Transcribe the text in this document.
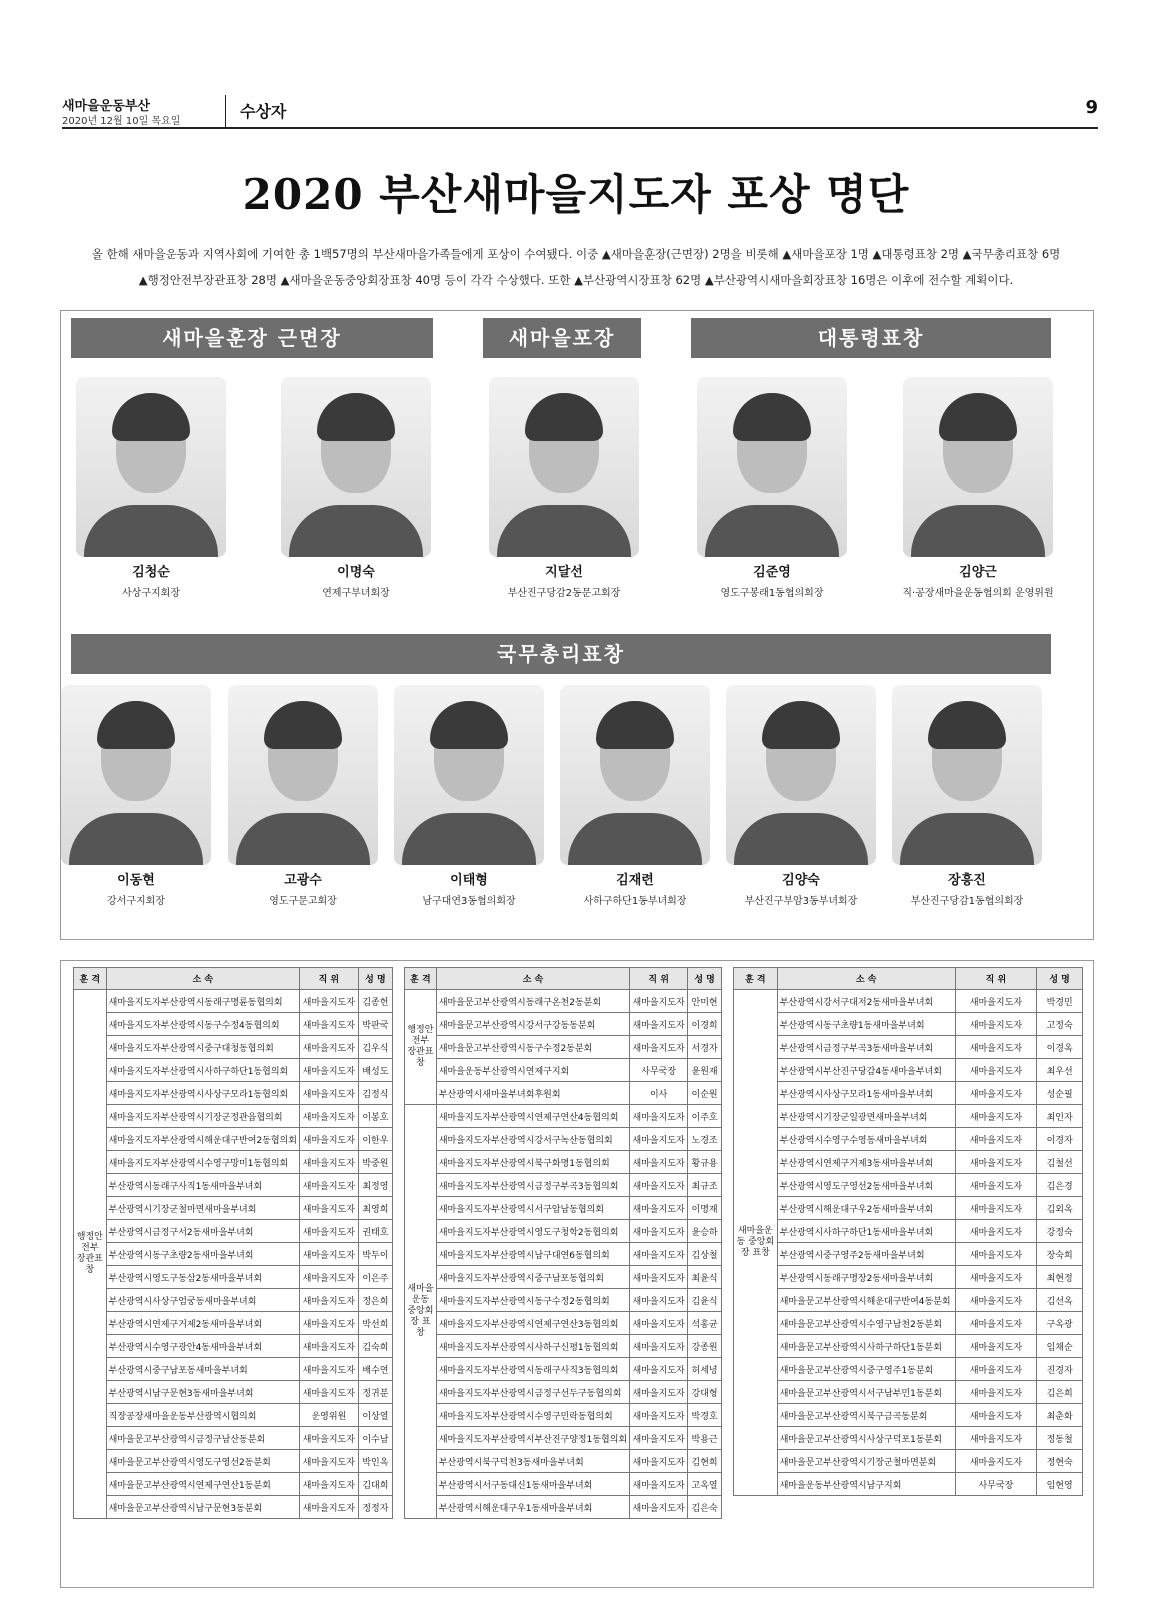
새마을운동부산
2020년 12월 10일 목요일
수상자	9
2020 부산새마을지도자 포상 명단
올 한해 새마을운동과 지역사회에 기여한 총 1백57명의 부산새마을가족들에게 포상이 수여됐다. 이중 ▲새마을훈장(근면장) 2명을 비롯해 ▲새마을포장 1명 ▲대통령표창 2명 ▲국무총리표창 6명
▲행정안전부장관표창 28명 ▲새마을운동중앙회장표창 40명 등이 각각 수상했다. 또한 ▲부산광역시장표창 62명 ▲부산광역시새마을회장표창 16명은 이후에 전수할 계획이다.
새마을훈장 근면장	새마을포장	대통령표창
김청순
사상구지회장
이명숙
연제구부녀회장
지달선
부산진구당감2동문고회장
김준영
영도구봉래1동협의회장
김양근
직·공장새마을운동협의회 운영위원
국무총리표창
이동현
강서구지회장
고광수
영도구문고회장
이태형
남구대연3동협의회장
김재련
사하구하단1동부녀회장
김양숙
부산진구부암3동부녀회장
장흥진
부산진구당감1동협의회장
훈 격	소 속	직 위	성 명
행정안전부 장관표창	새마을지도자부산광역시동래구명륜동협의회	새마을지도자	김종헌
	새마을지도자부산광역시동구수정4동협의회	새마을지도자	박판국
	새마을지도자부산광역시중구대청동협의회	새마을지도자	김우식
	새마을지도자부산광역시사하구하단1동협의회	새마을지도자	배성도
	새마을지도자부산광역시사상구모라1동협의회	새마을지도자	김정식
	새마을지도자부산광역시기장군정관읍협의회	새마을지도자	이봉호
	새마을지도자부산광역시해운대구반여2동협의회	새마을지도자	이한우
	새마을지도자부산광역시수영구망미1동협의회	새마을지도자	박중원
	부산광역시동래구사직1동새마을부녀회	새마을지도자	최정영
	부산광역시기장군철마면새마을부녀회	새마을지도자	최영희
	부산광역시금정구서2동새마을부녀회	새마을지도자	권태호
	부산광역시동구초량2동새마을부녀회	새마을지도자	박두이
	부산광역시영도구동삼2동새마을부녀회	새마을지도자	이은주
	부산광역시사상구엄궁동새마을부녀회	새마을지도자	정은희
	부산광역시연제구거제2동새마을부녀회	새마을지도자	박선희
	부산광역시수영구광안4동새마을부녀회	새마을지도자	김숙희
	부산광역시중구남포동새마을부녀회	새마을지도자	배수연
	부산광역시남구문현3동새마을부녀회	새마을지도자	정귀분
	직장공장새마을운동부산광역시협의회	운영위원	이상열
	새마을문고부산광역시금정구남산동분회	새마을지도자	이수남
	새마을문고부산광역시영도구영선2동분회	새마을지도자	박인옥
	새마을문고부산광역시연제구연산1동분회	새마을지도자	김대희
	새마을문고부산광역시남구문현3동분회	새마을지도자	정정자
훈 격	소 속	직 위	성 명
행정안전부 장관표창	새마을문고부산광역시동래구온천2동분회	새마을지도자	안미현
	새마을문고부산광역시강서구강동동분회	새마을지도자	이경희
	새마을문고부산광역시동구수정2동분회	새마을지도자	서경자
	새마을운동부산광역시연제구지회	사무국장	윤원재
	부산광역시새마을부녀회후원회	이사	이순원
새마을운동 중앙회장 표창	새마을지도자부산광역시연제구연산4동협의회	새마을지도자	이주호
	새마을지도자부산광역시강서구녹산동협의회	새마을지도자	노경조
	새마을지도자부산광역시북구화명1동협의회	새마을지도자	황규용
	새마을지도자부산광역시금정구부곡3동협의회	새마을지도자	최규조
	새마을지도자부산광역시서구암남동협의회	새마을지도자	이명재
	새마을지도자부산광역시영도구청학2동협의회	새마을지도자	윤승하
	새마을지도자부산광역시남구대연6동협의회	새마을지도자	김상철
	새마을지도자부산광역시중구남포동협의회	새마을지도자	최윤식
	새마을지도자부산광역시동구수정2동협의회	새마을지도자	김윤식
	새마을지도자부산광역시연제구연산3동협의회	새마을지도자	석홍균
	새마을지도자부산광역시사하구신평1동협의회	새마을지도자	강종원
	새마을지도자부산광역시동래구사직3동협의회	새마을지도자	허세녕
	새마을지도자부산광역시금정구선두구동협의회	새마을지도자	강대형
	새마을지도자부산광역시수영구민락동협의회	새마을지도자	박경호
	새마을지도자부산광역시부산진구양정1동협의회	새마을지도자	박용근
	부산광역시북구덕천3동새마을부녀회	새마을지도자	김현희
	부산광역시서구동대신1동새마을부녀회	새마을지도자	고옥열
	부산광역시해운대구우1동새마을부녀회	새마을지도자	김은숙
훈 격	소 속	직 위	성 명
새마을운동 중앙회장 표창	부산광역시강서구대저2동새마을부녀회	새마을지도자	박경민
	부산광역시동구초량1동새마을부녀회	새마을지도자	고정숙
	부산광역시금정구부곡3동새마을부녀회	새마을지도자	이경옥
	부산광역시부산진구당감4동새마을부녀회	새마을지도자	최우선
	부산광역시사상구모라1동새마을부녀회	새마을지도자	성순필
	부산광역시기장군일광면새마을부녀회	새마을지도자	최인자
	부산광역시수영구수영동새마을부녀회	새마을지도자	이경자
	부산광역시연제구거제3동새마을부녀회	새마을지도자	김철선
	부산광역시영도구영선2동새마을부녀회	새마을지도자	김은경
	부산광역시해운대구우2동새마을부녀회	새마을지도자	김외옥
	부산광역시사하구하단1동새마을부녀회	새마을지도자	강정숙
	부산광역시중구영주2동새마을부녀회	새마을지도자	장숙희
	부산광역시동래구명장2동새마을부녀회	새마을지도자	최현정
	새마을문고부산광역시해운대구반여4동분회	새마을지도자	김선옥
	새마을문고부산광역시수영구남천2동분회	새마을지도자	구옥광
	새마을문고부산광역시사하구하단1동분회	새마을지도자	임채순
	새마을문고부산광역시중구영주1동분회	새마을지도자	진경자
	새마을문고부산광역시서구남부민1동분회	새마을지도자	김은희
	새마을문고부산광역시북구금곡동분회	새마을지도자	최춘화
	새마을문고부산광역시사상구덕포1동분회	새마을지도자	정동철
	새마을문고부산광역시기장군철마면분회	새마을지도자	정현숙
	새마을운동부산광역시남구지회	사무국장	임현영
